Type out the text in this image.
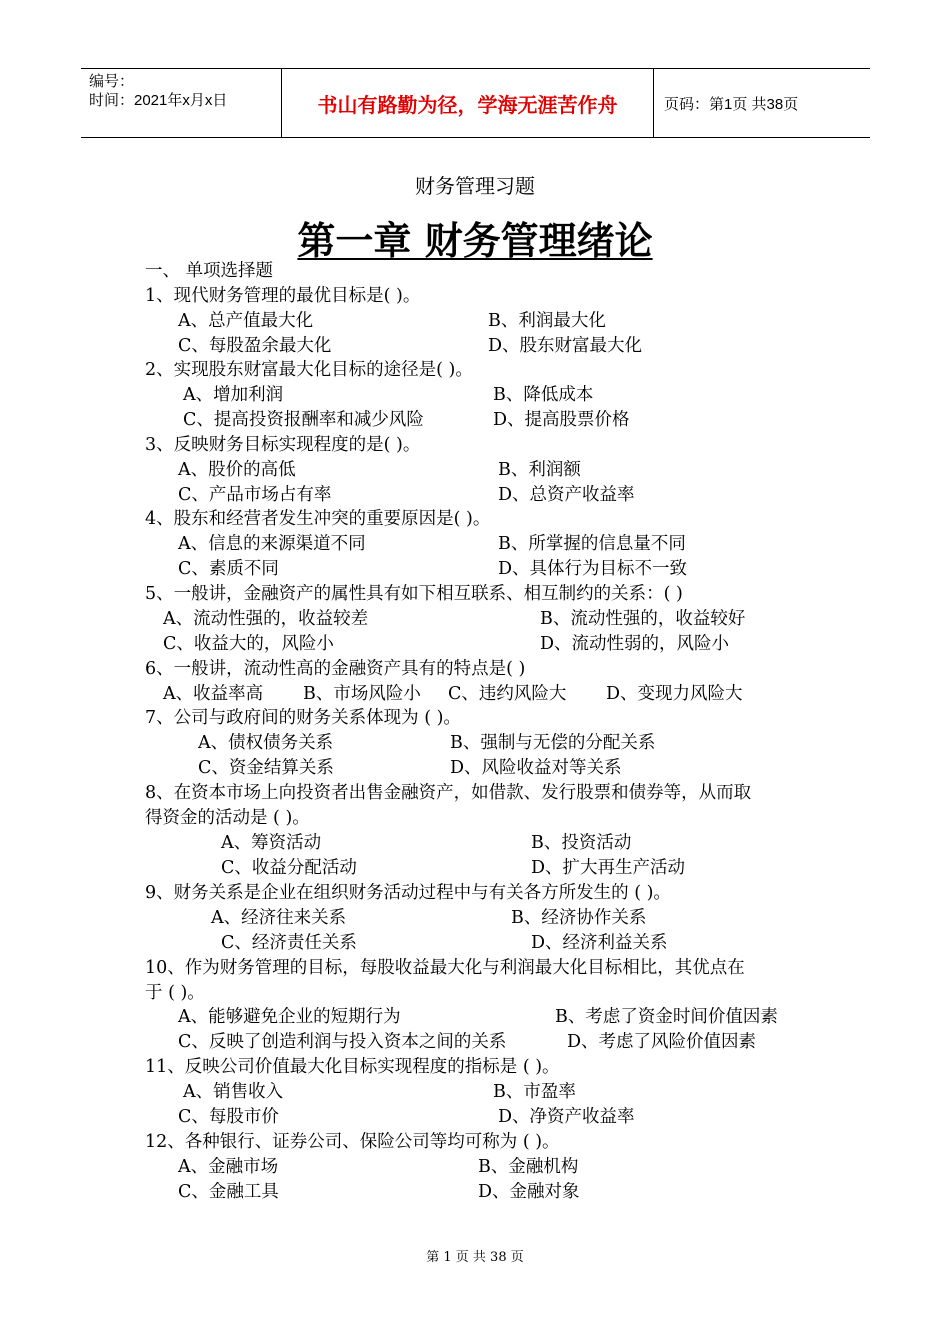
编号：
时间：2021年x月x日	书山有路勤为径，学海无涯苦作舟	页码：第1页 共38页
财务管理习题
第一章 财务管理绪论
一、 单项选择题
1、现代财务管理的最优目标是( )。
A、总产值最大化	B、利润最大化
C、每股盈余最大化	D、股东财富最大化
2、实现股东财富最大化目标的途径是( )。
A、增加利润	B、降低成本
C、提高投资报酬率和减少风险	D、提高股票价格
3、反映财务目标实现程度的是( )。
A、股价的高低	B、利润额
C、产品市场占有率	D、总资产收益率
4、股东和经营者发生冲突的重要原因是( )。
A、信息的来源渠道不同	B、所掌握的信息量不同
C、素质不同	D、具体行为目标不一致
5、一般讲，金融资产的属性具有如下相互联系、相互制约的关系：( )
A、流动性强的，收益较差	B、流动性强的，收益较好
C、收益大的，风险小	D、流动性弱的，风险小
6、一般讲，流动性高的金融资产具有的特点是( )
A、收益率高 B、市场风险小 C、违约风险大 D、变现力风险大
7、公司与政府间的财务关系体现为 ( )。
A、债权债务关系	B、强制与无偿的分配关系
C、资金结算关系	D、风险收益对等关系
8、在资本市场上向投资者出售金融资产，如借款、发行股票和债券等，从而取
得资金的活动是 ( )。
A、筹资活动	B、投资活动
C、收益分配活动	D、扩大再生产活动
9、财务关系是企业在组织财务活动过程中与有关各方所发生的 ( )。
A、经济往来关系	B、经济协作关系
C、经济责任关系	D、经济利益关系
10、作为财务管理的目标，每股收益最大化与利润最大化目标相比，其优点在
于 ( )。
A、能够避免企业的短期行为	B、考虑了资金时间价值因素
C、反映了创造利润与投入资本之间的关系	D、考虑了风险价值因素
11、反映公司价值最大化目标实现程度的指标是 ( )。
A、销售收入	B、市盈率
C、每股市价	D、净资产收益率
12、各种银行、证券公司、保险公司等均可称为 ( )。
A、金融市场	B、金融机构
C、金融工具	D、金融对象
第 1 页 共 38 页
